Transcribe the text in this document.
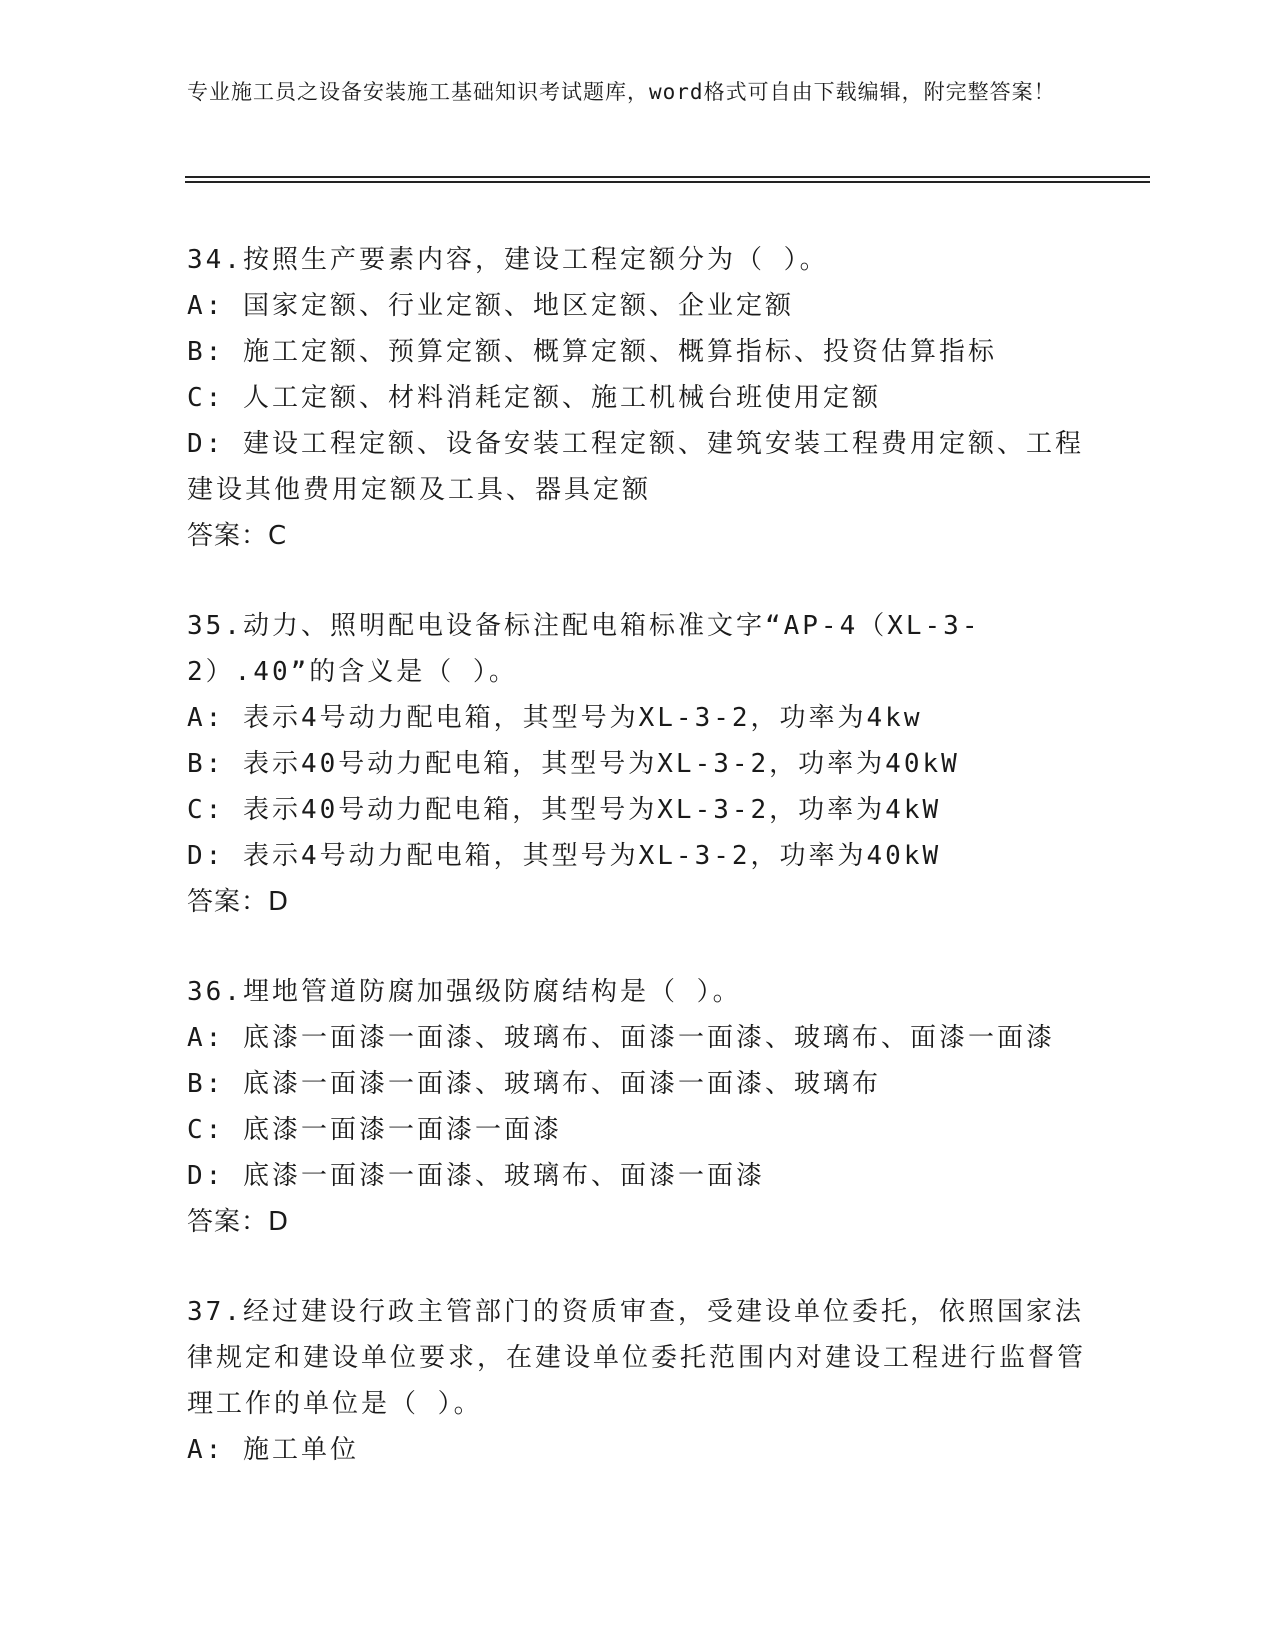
专业施工员之设备安装施工基础知识考试题库，word格式可自由下载编辑，附完整答案！

34.按照生产要素内容，建设工程定额分为（ ）。

A: 国家定额、行业定额、地区定额、企业定额

B: 施工定额、预算定额、概算定额、概算指标、投资估算指标

C: 人工定额、材料消耗定额、施工机械台班使用定额

D: 建设工程定额、设备安装工程定额、建筑安装工程费用定额、工程建设其他费用定额及工具、器具定额

答案：C

35.动力、照明配电设备标注配电箱标准文字“AP-4（XL-3-2）.40”的含义是（ ）。

A: 表示4号动力配电箱，其型号为XL-3-2，功率为4kw

B: 表示40号动力配电箱，其型号为XL-3-2，功率为40kW

C: 表示40号动力配电箱，其型号为XL-3-2，功率为4kW

D: 表示4号动力配电箱，其型号为XL-3-2，功率为40kW

答案：D

36.埋地管道防腐加强级防腐结构是（ ）。

A: 底漆一面漆一面漆、玻璃布、面漆一面漆、玻璃布、面漆一面漆

B: 底漆一面漆一面漆、玻璃布、面漆一面漆、玻璃布

C: 底漆一面漆一面漆一面漆

D: 底漆一面漆一面漆、玻璃布、面漆一面漆

答案：D

37.经过建设行政主管部门的资质审查，受建设单位委托，依照国家法律规定和建设单位要求，在建设单位委托范围内对建设工程进行监督管理工作的单位是（ ）。

A: 施工单位
